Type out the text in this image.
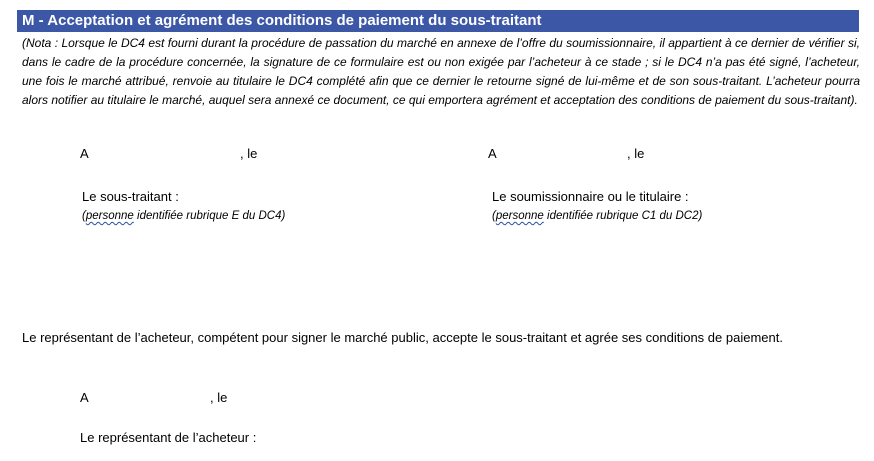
M - Acceptation et agrément des conditions de paiement du sous-traitant
(Nota : Lorsque le DC4 est fourni durant la procédure de passation du marché en annexe de l’offre du soumissionnaire, il appartient à ce dernier de vérifier si, dans le cadre de la procédure concernée, la signature de ce formulaire est ou non exigée par l’acheteur à ce stade ; si le DC4 n’a pas été signé, l’acheteur, une fois le marché attribué, renvoie au titulaire le DC4 complété afin que ce dernier le retourne signé de lui-même et de son sous-traitant. L’acheteur pourra alors notifier au titulaire le marché, auquel sera annexé ce document, ce qui emportera agrément et acceptation des conditions de paiement du sous-traitant).
A	, le
Le sous-traitant :
(personne identifiée rubrique E du DC4)
A	, le
Le soumissionnaire ou le titulaire :
(personne identifiée rubrique C1 du DC2)
Le représentant de l’acheteur, compétent pour signer le marché public, accepte le sous-traitant et agrée ses conditions de paiement.
A	, le
Le représentant de l’acheteur :
